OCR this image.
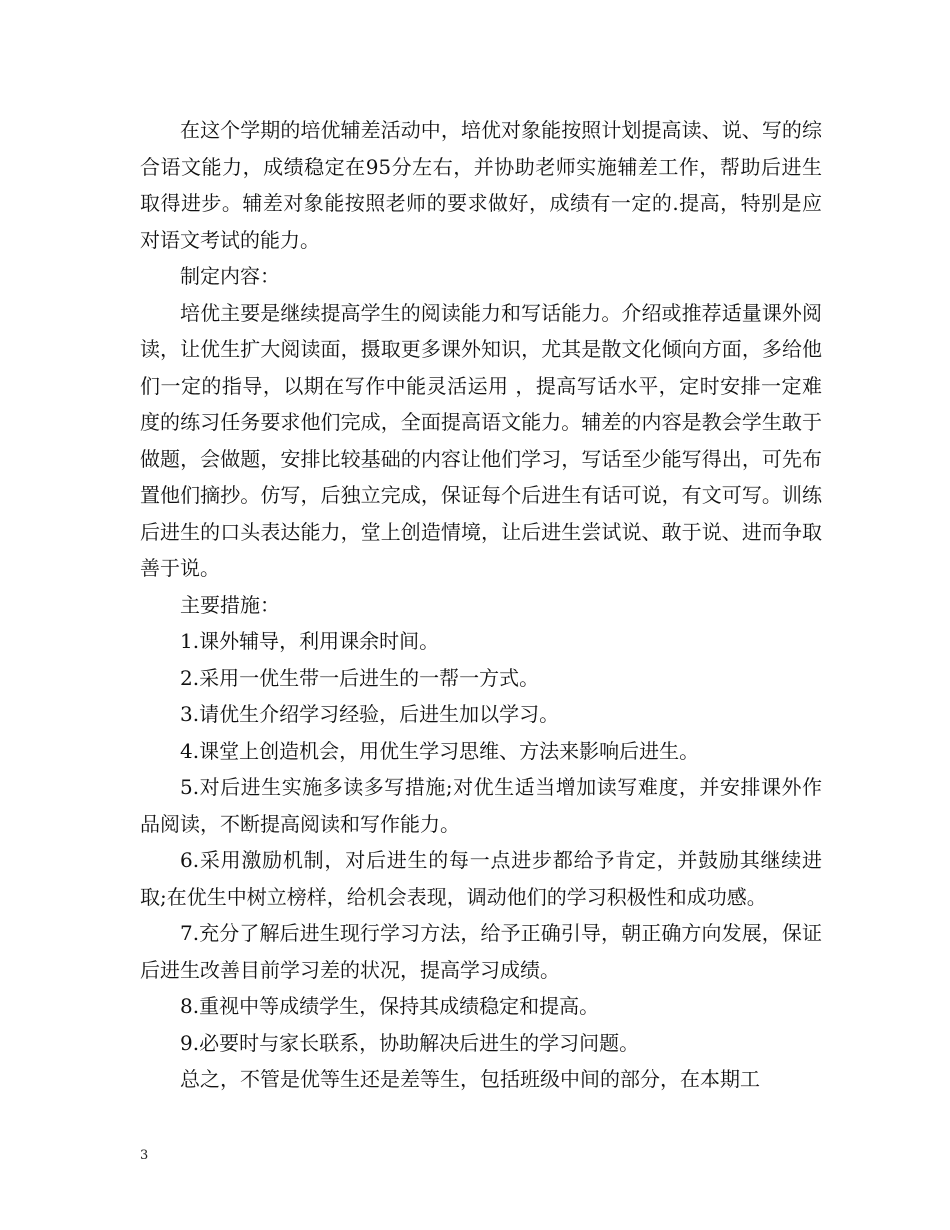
在这个学期的培优辅差活动中，培优对象能按照计划提高读、说、写的综合语文能力，成绩稳定在95分左右，并协助老师实施辅差工作，帮助后进生取得进步。辅差对象能按照老师的要求做好，成绩有一定的.提高，特别是应对语文考试的能力。

制定内容：

培优主要是继续提高学生的阅读能力和写话能力。介绍或推荐适量课外阅读，让优生扩大阅读面，摄取更多课外知识，尤其是散文化倾向方面，多给他们一定的指导，以期在写作中能灵活运用 ，提高写话水平，定时安排一定难度的练习任务要求他们完成，全面提高语文能力。辅差的内容是教会学生敢于做题，会做题，安排比较基础的内容让他们学习，写话至少能写得出，可先布置他们摘抄。仿写，后独立完成，保证每个后进生有话可说，有文可写。训练后进生的口头表达能力，堂上创造情境，让后进生尝试说、敢于说、进而争取善于说。

主要措施：

1.课外辅导，利用课余时间。

2.采用一优生带一后进生的一帮一方式。

3.请优生介绍学习经验，后进生加以学习。

4.课堂上创造机会，用优生学习思维、方法来影响后进生。

5.对后进生实施多读多写措施;对优生适当增加读写难度，并安排课外作品阅读，不断提高阅读和写作能力。

6.采用激励机制，对后进生的每一点进步都给予肯定，并鼓励其继续进取;在优生中树立榜样，给机会表现，调动他们的学习积极性和成功感。

7.充分了解后进生现行学习方法，给予正确引导，朝正确方向发展，保证后进生改善目前学习差的状况，提高学习成绩。

8.重视中等成绩学生，保持其成绩稳定和提高。

9.必要时与家长联系，协助解决后进生的学习问题。

总之，不管是优等生还是差等生，包括班级中间的部分，在本期工

3
